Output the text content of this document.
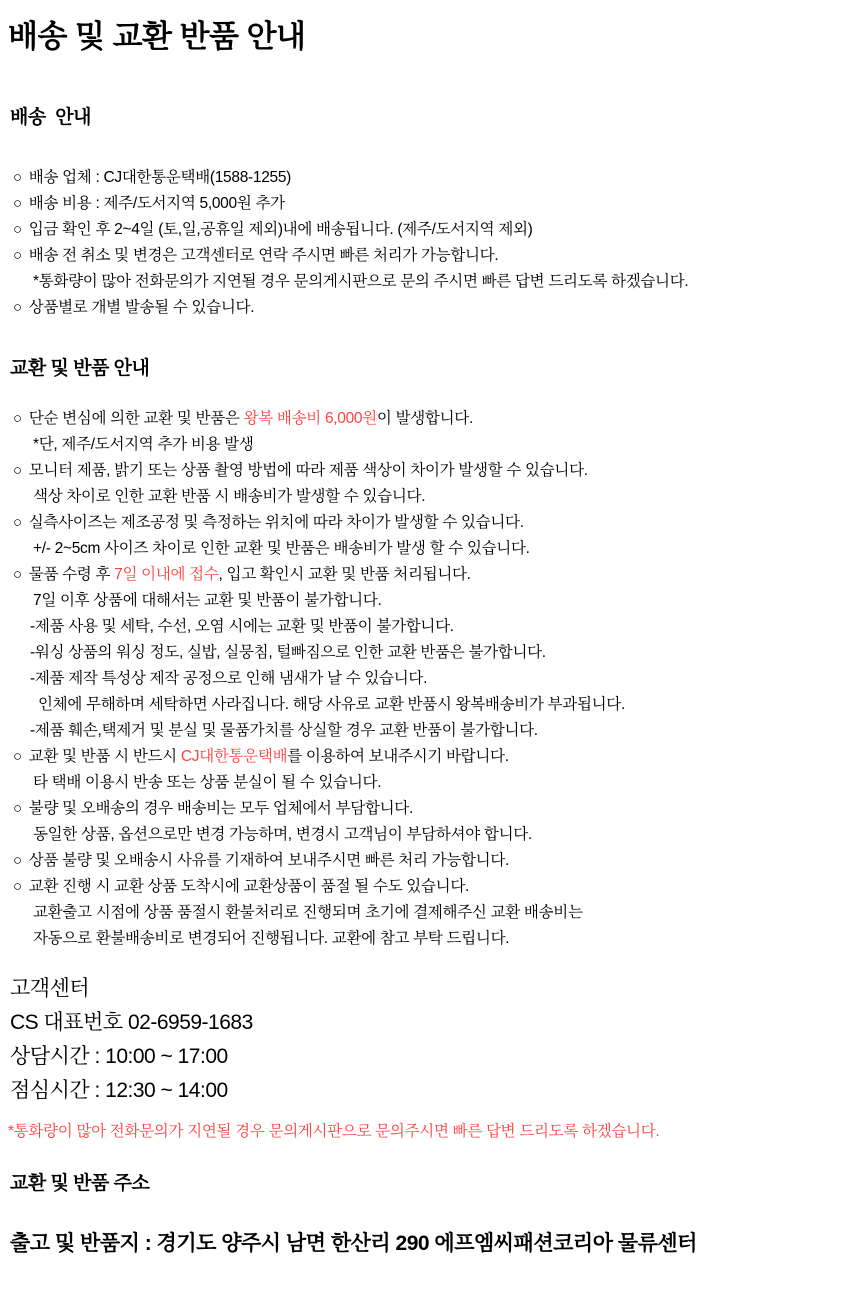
배송 및 교환 반품 안내
배송  안내
○ 배송 업체 : CJ대한통운택배(1588-1255)
○ 배송 비용 : 제주/도서지역 5,000원 추가
○ 입금 확인 후 2~4일 (토,일,공휴일 제외)내에 배송됩니다. (제주/도서지역 제외)
○ 배송 전 취소 및 변경은 고객센터로 연락 주시면 빠른 처리가 가능합니다.
*통화량이 많아 전화문의가 지연될 경우 문의게시판으로 문의 주시면 빠른 답변 드리도록 하겠습니다.
○ 상품별로 개별 발송될 수 있습니다.
교환 및 반품 안내
○ 단순 변심에 의한 교환 및 반품은 왕복 배송비 6,000원이 발생합니다.
*단, 제주/도서지역 추가 비용 발생
○ 모니터 제품, 밝기 또는 상품 촬영 방법에 따라 제품 색상이 차이가 발생할 수 있습니다.
색상 차이로 인한 교환 반품 시 배송비가 발생할 수 있습니다.
○ 실측사이즈는 제조공정 및 측정하는 위치에 따라 차이가 발생할 수 있습니다.
+/- 2~5cm 사이즈 차이로 인한 교환 및 반품은 배송비가 발생 할 수 있습니다.
○ 물품 수령 후 7일 이내에 접수, 입고 확인시 교환 및 반품 처리됩니다.
7일 이후 상품에 대해서는 교환 및 반품이 불가합니다.
-제품 사용 및 세탁, 수선, 오염 시에는 교환 및 반품이 불가합니다.
-워싱 상품의 워싱 정도, 실밥, 실뭉침, 털빠짐으로 인한 교환 반품은 불가합니다.
-제품 제작 특성상 제작 공정으로 인해 냄새가 날 수 있습니다.
인체에 무해하며 세탁하면 사라집니다. 해당 사유로 교환 반품시 왕복배송비가 부과됩니다.
-제품 훼손,택제거 및 분실 및 물품가치를 상실할 경우 교환 반품이 불가합니다.
○ 교환 및 반품 시 반드시 CJ대한통운택배를 이용하여 보내주시기 바랍니다.
타 택배 이용시 반송 또는 상품 분실이 될 수 있습니다.
○ 불량 및 오배송의 경우 배송비는 모두 업체에서 부담합니다.
동일한 상품, 옵션으로만 변경 가능하며, 변경시 고객님이 부담하셔야 합니다.
○ 상품 불량 및 오배송시 사유를 기재하여 보내주시면 빠른 처리 가능합니다.
○ 교환 진행 시 교환 상품 도착시에 교환상품이 품절 될 수도 있습니다.
교환출고 시점에 상품 품절시 환불처리로 진행되며 초기에 결제해주신 교환 배송비는
자동으로 환불배송비로 변경되어 진행됩니다. 교환에 참고 부탁 드립니다.

고객센터

CS 대표번호 02-6959-1683

상담시간 : 10:00 ~ 17:00

점심시간 : 12:30 ~ 14:00

*통화량이 많아 전화문의가 지연될 경우 문의게시판으로 문의주시면 빠른 답변 드리도록 하겠습니다.

교환 및 반품 주소

출고 및 반품지 : 경기도 양주시 남면 한산리 290 에프엠씨패션코리아 물류센터
